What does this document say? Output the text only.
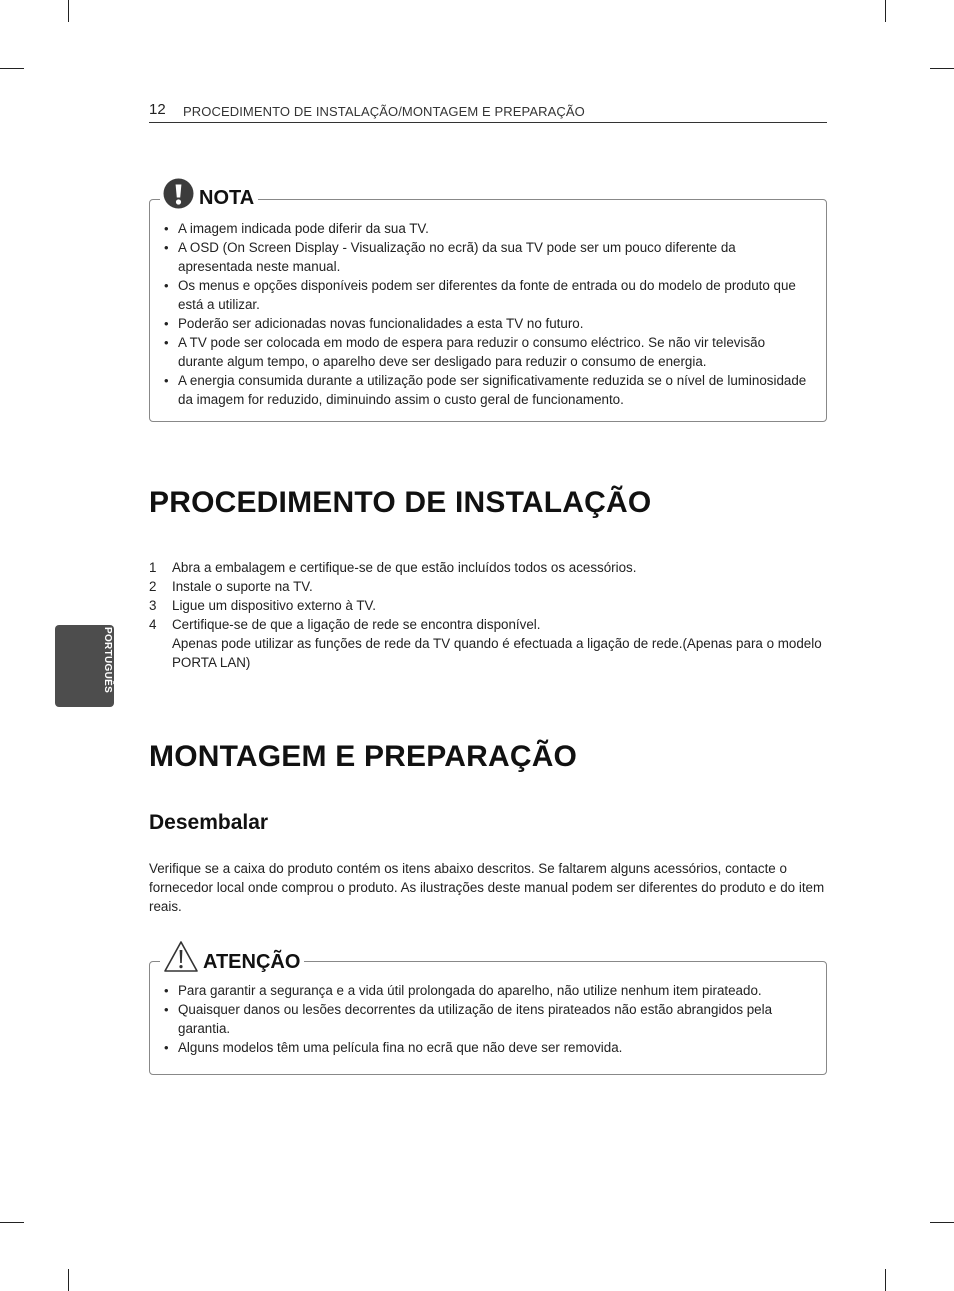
12 PROCEDIMENTO DE INSTALAÇÃO/MONTAGEM E PREPARAÇÃO
PORTUGUÊS
NOTA
• A imagem indicada pode diferir da sua TV.
• A OSD (On Screen Display - Visualização no ecrã) da sua TV pode ser um pouco diferente da apresentada neste manual.
• Os menus e opções disponíveis podem ser diferentes da fonte de entrada ou do modelo de produto que está a utilizar.
• Poderão ser adicionadas novas funcionalidades a esta TV no futuro.
• A TV pode ser colocada em modo de espera para reduzir o consumo eléctrico. Se não vir televisão durante algum tempo, o aparelho deve ser desligado para reduzir o consumo de energia.
• A energia consumida durante a utilização pode ser significativamente reduzida se o nível de luminosidade da imagem for reduzido, diminuindo assim o custo geral de funcionamento.
PROCEDIMENTO DE INSTALAÇÃO
1 Abra a embalagem e certifique-se de que estão incluídos todos os acessórios.
2 Instale o suporte na TV.
3 Ligue um dispositivo externo à TV.
4 Certifique-se de que a ligação de rede se encontra disponível.
Apenas pode utilizar as funções de rede da TV quando é efectuada a ligação de rede.(Apenas para o modelo PORTA LAN)
MONTAGEM E PREPARAÇÃO
Desembalar
Verifique se a caixa do produto contém os itens abaixo descritos. Se faltarem alguns acessórios, contacte o fornecedor local onde comprou o produto. As ilustrações deste manual podem ser diferentes do produto e do item reais.
ATENÇÃO
• Para garantir a segurança e a vida útil prolongada do aparelho, não utilize nenhum item pirateado.
• Quaisquer danos ou lesões decorrentes da utilização de itens pirateados não estão abrangidos pela garantia.
• Alguns modelos têm uma película fina no ecrã que não deve ser removida.
